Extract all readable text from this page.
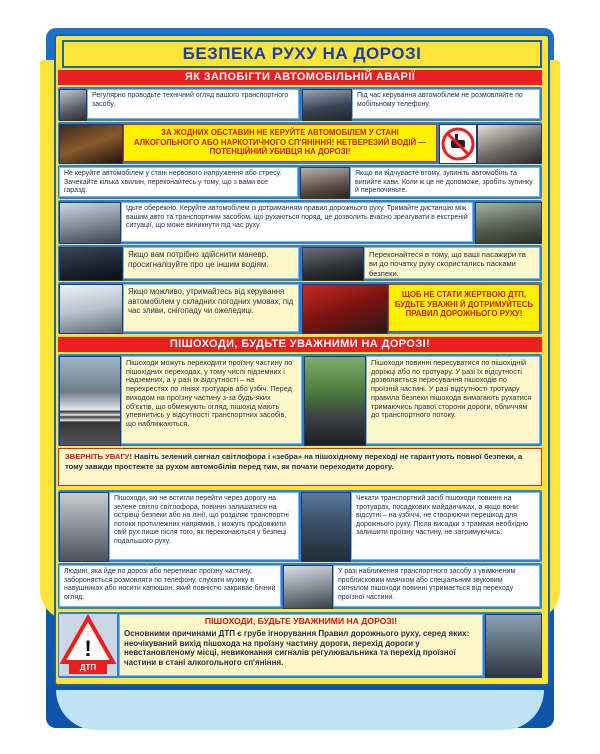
БЕЗПЕКА РУХУ НА ДОРОЗІ
ЯК ЗАПОБІГТИ АВТОМОБІЛЬНІЙ АВАРІЇ
Регулярно проводьте технічний огляд вашого транспортного засобу.
Під час керування автомобілем не розмовляйте по мобільному телефону.
ЗА ЖОДНИХ ОБСТАВИН НЕ КЕРУЙТЕ АВТОМОБІЛЕМ У СТАНІ АЛКОГОЛЬНОГО АБО НАРКОТИЧНОГО СП'ЯНІННЯ! НЕТВЕРЕЗИЙ ВОДІЙ — ПОТЕНЦІЙНИЙ УБИВЦЯ НА ДОРОЗІ!
Не керуйте автомобілем у стані нервового напруження або стресу. Зачекайте кілька хвилин, переконайтесь у тому, що з вами все гаразд.
Якщо ви відчуваєте втому, зупиніть автомобіль та випийте кави. Коли ж це не допоможе, зробіть зупинку й перепочиньте.
Ідьте обережно. Керуйте автомобілем із дотриманням правил дорожнього руху. Тримайте дистанцію між вашим авто та транспортним засобом, що рухаються поряд, це дозволить вчасно зреагувати в екстреній ситуації, що може виникнути під час руху.
Якщо вам потрібно здійснити маневр, просигналізуйте про це іншим водіям.
Переконайтеся в тому, що ваші пасажири та ви до початку руху скористались пасками безпеки.
Якщо можливо, утримайтесь від керування автомобілем у складних погодних умовах, під час зливи, снігопаду чи ожеледиці.
ЩОБ НЕ СТАТИ ЖЕРТВОЮ ДТП, БУДЬТЕ УВАЖНІ Й ДОТРИМУЙТЕСЬ ПРАВИЛ ДОРОЖНЬОГО РУХУ!
ПІШОХОДИ, БУДЬТЕ УВАЖНИМИ НА ДОРОЗІ!
Пішоходи можуть переходити проїзну частину по пішохідних переходах, у тому числі підземних і надземних, а у разі їх відсутності – на перехрестях по лініях тротуарів або узбіч. Перед виходом на проїзну частину з-за будь-яких об'єктів, що обмежують огляд, пішохід мають упевнитись у відсутності транспортних засобів, що наближаються.
Пішоходи повинні пересуватися по пішохідній доріжці або по тротуару. У разі їх відсутності дозволяється пересування пішоходів по проїзній частині. У разі відсутності тротуару правила безпеки пішохода вимагають рухатися тримаючись правої сторони дороги, обличчям до транспортного потоку.
ЗВЕРНІТЬ УВАГУ! Навіть зелений сигнал світлофора і «зебра» на пішохідному переході не гарантують повної безпеки, а тому завжди простежте за рухом автомобілів перед тим, як почати переходити дорогу.
Пішоходи, які не встигли перейти через дорогу на зелене світло світлофора, повинні залишатися на острівці безпеки або на лінії, що розділяє транспортні потоки протилежних напрямків, і можуть продовжити свій рух лише після того, як переконаються у безпеці подальшого руху.
Чекати транспортний засіб пішоходи повинні на тротуарах, посадкових майданчиках, а якщо вони відсутні – на узбіччі, не створюючи перешкод для дорожнього руху. Після висадки з трамвая необхідно залишити проїзну частину, не затримуючись.
Людині, яка йде по дорозі або перетинає проїзну частину, забороняється розмовляти по телефону, слухати музику в навушниках або носити капюшон, який повністю закриває бічний огляд.
У разі наближення транспортного засобу з увімкненим проблисковим маячком або спеціальним звуковим сигналом пішоходи повинні утримається від переходу проїзної частини.
!
ДТП
ПІШОХОДИ, БУДЬТЕ УВАЖНИМИ НА ДОРОЗІ!
Основними причинами ДТП є грубе ігнорування Правил дорожнього руху, серед яких: неочікуваний вихід пішохода на проїзну частину дороги, перехід дороги у невстановленому місці, невиконання сигналів регулювальника та перехід проїзної частини в стані алкогольного сп'яніння.
